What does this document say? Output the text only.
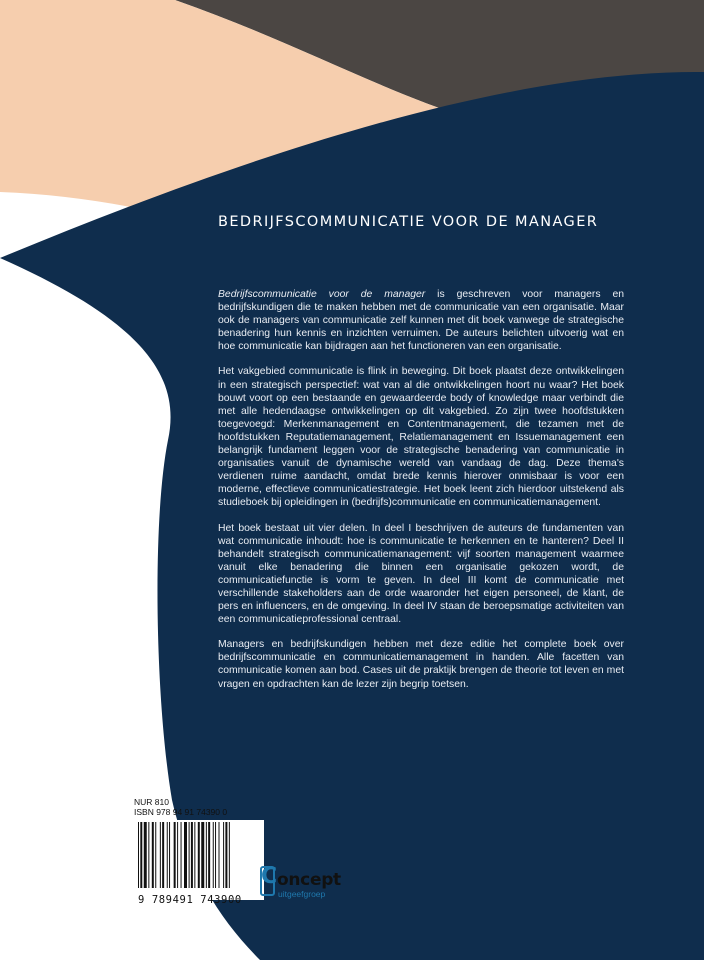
BEDRIJFSCOMMUNICATIE VOOR DE MANAGER

Bedrijfscommunicatie voor de manager is geschreven voor managers en bedrijfskundigen die te maken hebben met de communicatie van een organisatie. Maar ook de managers van communicatie zelf kunnen met dit boek vanwege de strategische benadering hun kennis en inzichten verruimen. De auteurs belichten uitvoerig wat en hoe communicatie kan bijdragen aan het functioneren van een organisatie.

Het vakgebied communicatie is flink in beweging. Dit boek plaatst deze ontwikkelingen in een strategisch perspectief: wat van al die ontwikkelingen hoort nu waar? Het boek bouwt voort op een bestaande en gewaardeerde body of knowledge maar verbindt die met alle hedendaagse ontwikkelingen op dit vakgebied. Zo zijn twee hoofdstukken toegevoegd: Merkenmanagement en Contentmanagement, die tezamen met de hoofdstukken Reputatiemanagement, Relatiemanagement en Issuemanagement een belangrijk fundament leggen voor de strategische benadering van communicatie in organisaties vanuit de dynamische wereld van vandaag de dag. Deze thema's verdienen ruime aandacht, omdat brede kennis hierover onmisbaar is voor een moderne, effectieve communicatiestrategie. Het boek leent zich hierdoor uitstekend als studieboek bij opleidingen in (bedrijfs)communicatie en communicatiemanagement.

Het boek bestaat uit vier delen. In deel I beschrijven de auteurs de fundamenten van wat communicatie inhoudt: hoe is communicatie te herkennen en te hanteren? Deel II behandelt strategisch communicatiemanagement: vijf soorten management waarmee vanuit elke benadering die binnen een organisatie gekozen wordt, de communicatiefunctie is vorm te geven. In deel III komt de communicatie met verschillende stakeholders aan de orde waaronder het eigen personeel, de klant, de pers en influencers, en de omgeving. In deel IV staan de beroepsmatige activiteiten van een communicatieprofessional centraal.

Managers en bedrijfskundigen hebben met deze editie het complete boek over bedrijfscommunicatie en communicatiemanagement in handen. Alle facetten van communicatie komen aan bod. Cases uit de praktijk brengen de theorie tot leven en met vragen en opdrachten kan de lezer zijn begrip toetsen.

NUR 810
ISBN 978 94 91 74390 0
9 789491 743900
C oncept
uitgeefgroep
